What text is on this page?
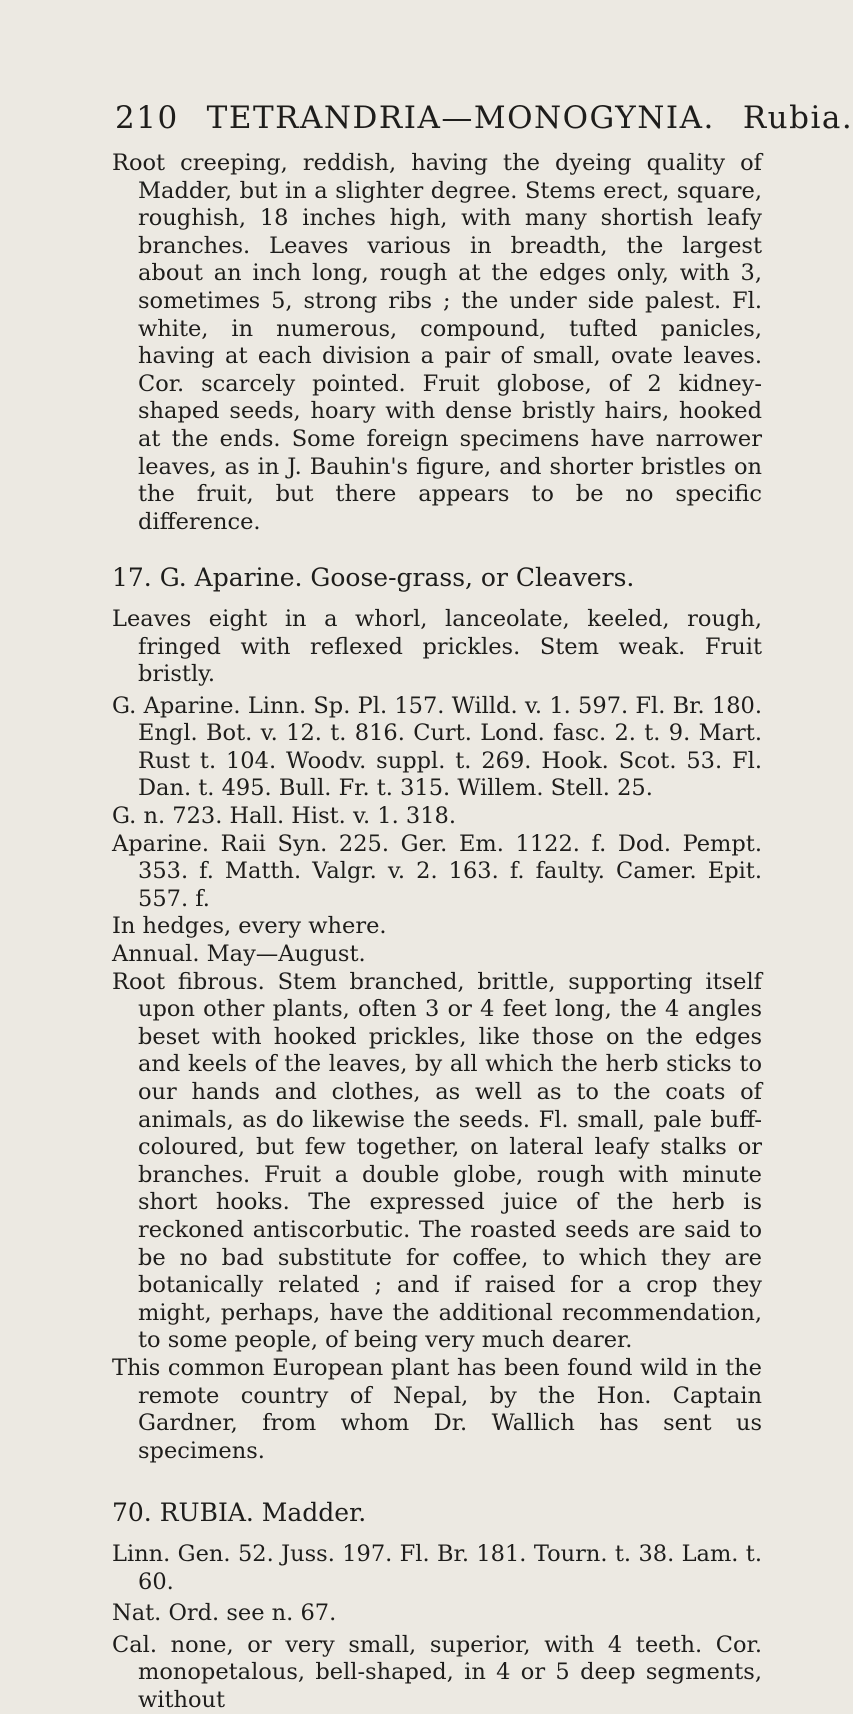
210 TETRANDRIA—MONOGYNIA. Rubia.

Root creeping, reddish, having the dyeing quality of Madder, but in a slighter degree. Stems erect, square, roughish, 18 inches high, with many shortish leafy branches. Leaves various in breadth, the largest about an inch long, rough at the edges only, with 3, sometimes 5, strong ribs ; the under side palest. Fl. white, in numerous, compound, tufted panicles, having at each division a pair of small, ovate leaves. Cor. scarcely pointed. Fruit globose, of 2 kidney-shaped seeds, hoary with dense bristly hairs, hooked at the ends. Some foreign specimens have narrower leaves, as in J. Bauhin's figure, and shorter bristles on the fruit, but there appears to be no specific difference.

17. G. Aparine. Goose-grass, or Cleavers.

Leaves eight in a whorl, lanceolate, keeled, rough, fringed with reflexed prickles. Stem weak. Fruit bristly.

G. Aparine. Linn. Sp. Pl. 157. Willd. v. 1. 597. Fl. Br. 180. Engl. Bot. v. 12. t. 816. Curt. Lond. fasc. 2. t. 9. Mart. Rust t. 104. Woodv. suppl. t. 269. Hook. Scot. 53. Fl. Dan. t. 495. Bull. Fr. t. 315. Willem. Stell. 25.

G. n. 723. Hall. Hist. v. 1. 318.

Aparine. Raii Syn. 225. Ger. Em. 1122. f. Dod. Pempt. 353. f. Matth. Valgr. v. 2. 163. f. faulty. Camer. Epit. 557. f.

In hedges, every where.

Annual. May—August.

Root fibrous. Stem branched, brittle, supporting itself upon other plants, often 3 or 4 feet long, the 4 angles beset with hooked prickles, like those on the edges and keels of the leaves, by all which the herb sticks to our hands and clothes, as well as to the coats of animals, as do likewise the seeds. Fl. small, pale buff-coloured, but few together, on lateral leafy stalks or branches. Fruit a double globe, rough with minute short hooks. The expressed juice of the herb is reckoned antiscorbutic. The roasted seeds are said to be no bad substitute for coffee, to which they are botanically related ; and if raised for a crop they might, perhaps, have the additional recommendation, to some people, of being very much dearer.

This common European plant has been found wild in the remote country of Nepal, by the Hon. Captain Gardner, from whom Dr. Wallich has sent us specimens.

70. RUBIA. Madder.

Linn. Gen. 52. Juss. 197. Fl. Br. 181. Tourn. t. 38. Lam. t. 60.

Nat. Ord. see n. 67.

Cal. none, or very small, superior, with 4 teeth. Cor. monopetalous, bell-shaped, in 4 or 5 deep segments, without
